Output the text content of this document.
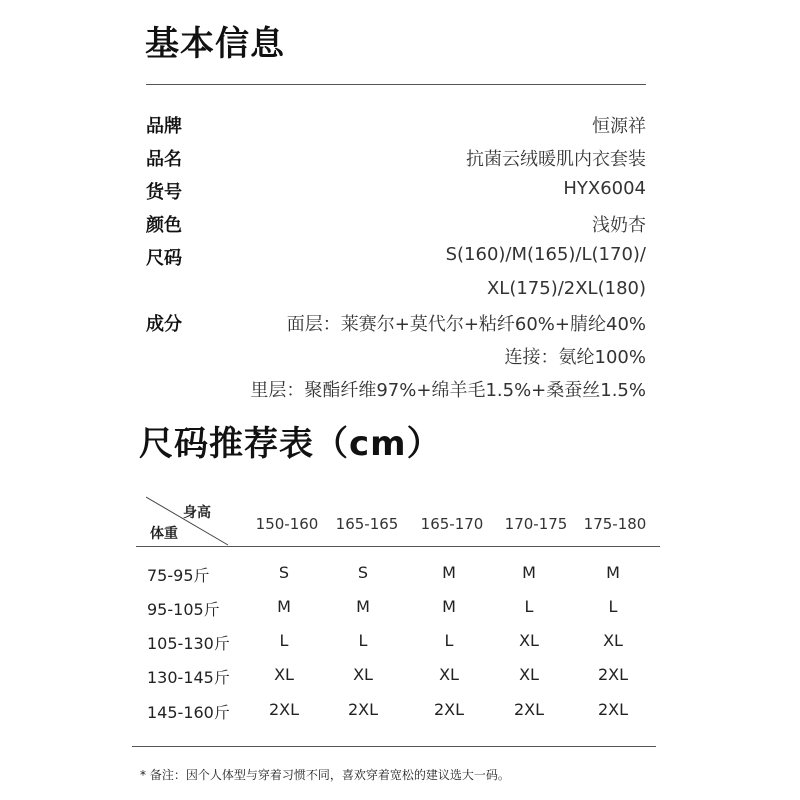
基本信息
品牌	恒源祥
品名	抗菌云绒暖肌内衣套装
货号	HYX6004
颜色	浅奶杏
尺码	S(160)/M(165)/L(170)/
XL(175)/2XL(180)
成分	面层：莱赛尔+莫代尔+粘纤60%+腈纶40%
连接：氨纶100%
里层：聚酯纤维97%+绵羊毛1.5%+桑蚕丝1.5%
尺码推荐表（cm）
身高
体重
150-160 165-165 165-170 170-175 175-180
75-95斤	S	S	M	M	M
95-105斤	M	M	M	L	L
105-130斤	L	L	L	XL	XL
130-145斤	XL	XL	XL	XL	2XL
145-160斤 2XL	2XL	2XL	2XL	2XL
* 备注：因个人体型与穿着习惯不同，喜欢穿着宽松的建议选大一码。
